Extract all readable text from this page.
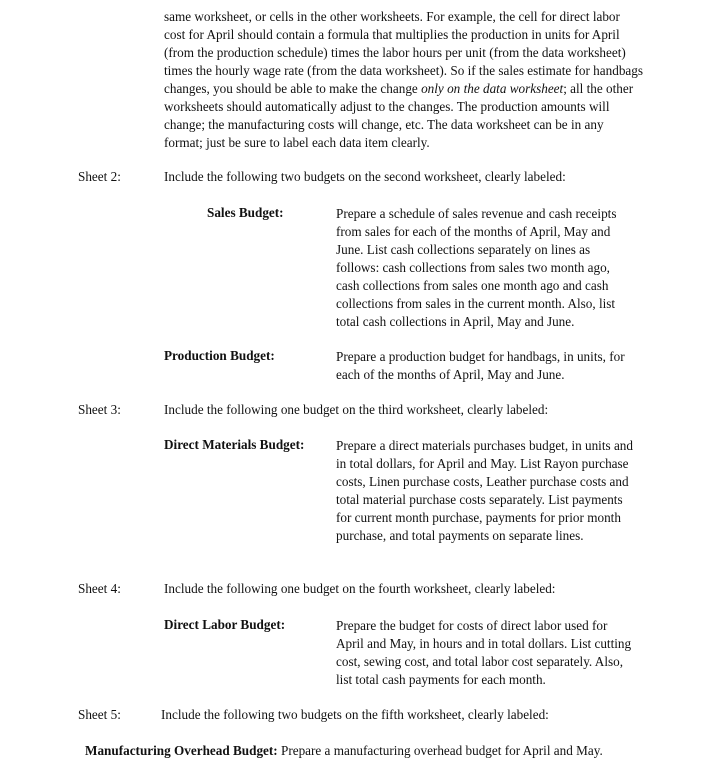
same worksheet, or cells in the other worksheets. For example, the cell for direct labor cost for April should contain a formula that multiplies the production in units for April (from the production schedule) times the labor hours per unit (from the data worksheet) times the hourly wage rate (from the data worksheet). So if the sales estimate for handbags changes, you should be able to make the change only on the data worksheet; all the other worksheets should automatically adjust to the changes. The production amounts will change; the manufacturing costs will change, etc. The data worksheet can be in any format; just be sure to label each data item clearly.
Sheet 2:	Include the following two budgets on the second worksheet, clearly labeled:
Sales Budget:	Prepare a schedule of sales revenue and cash receipts from sales for each of the months of April, May and June. List cash collections separately on lines as follows: cash collections from sales two month ago, cash collections from sales one month ago and cash collections from sales in the current month. Also, list total cash collections in April, May and June.
Production Budget:	Prepare a production budget for handbags, in units, for each of the months of April, May and June.
Sheet 3:	Include the following one budget on the third worksheet, clearly labeled:
Direct Materials Budget: Prepare a direct materials purchases budget, in units and in total dollars, for April and May. List Rayon purchase costs, Linen purchase costs, Leather purchase costs and total material purchase costs separately. List payments for current month purchase, payments for prior month purchase, and total payments on separate lines.
Sheet 4:	Include the following one budget on the fourth worksheet, clearly labeled:
Direct Labor Budget:	Prepare the budget for costs of direct labor used for April and May, in hours and in total dollars. List cutting cost, sewing cost, and total labor cost separately. Also, list total cash payments for each month.
Sheet 5:	Include the following two budgets on the fifth worksheet, clearly labeled:
Manufacturing Overhead Budget: Prepare a manufacturing overhead budget for April and May.
